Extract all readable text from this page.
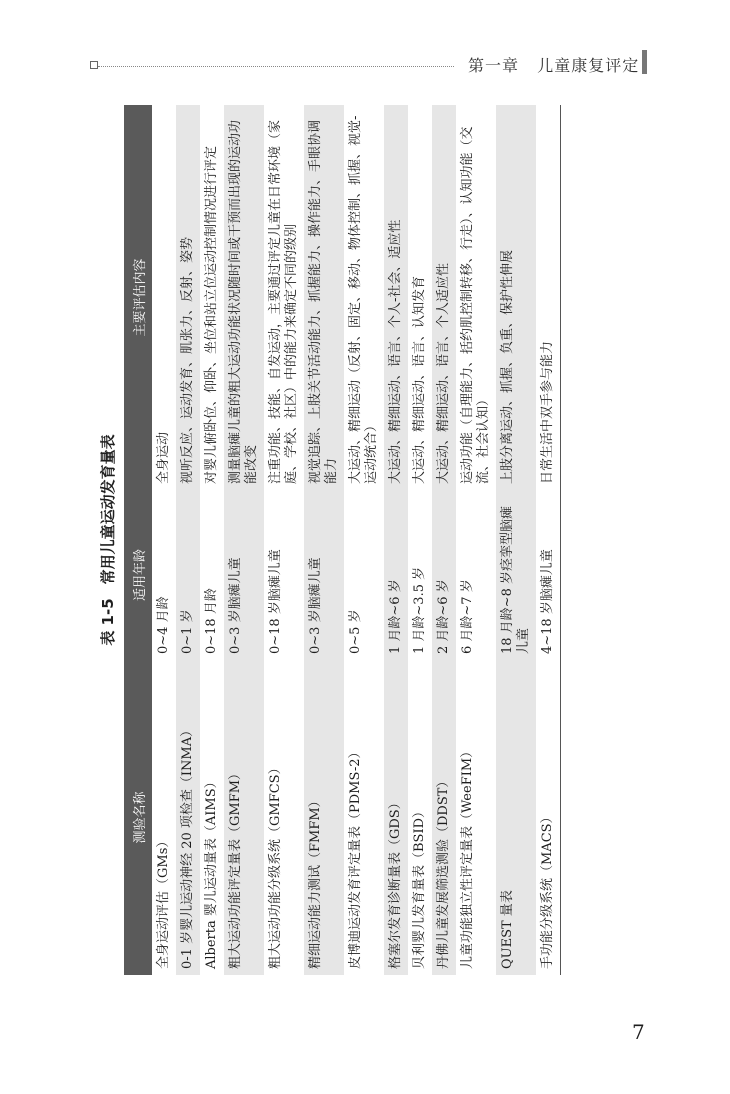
第一章 儿童康复评定
表 1-5
常用儿童运动发育量表
测验名称	适用年龄	主要评估内容
全身运动评估（GMs）	0~4 月龄	全身运动
0-1 岁婴儿运动神经 20 项检查（INMA）	0~1 岁	视听反应、运动发育、肌张力、反射、姿势
Alberta 婴儿运动量表（AIMS）	0~18 月龄	对婴儿俯卧位、仰卧、坐位和站立位运动控制情况进行评定
粗大运动功能评定量表（GMFM）	0~3 岁脑瘫儿童	测量脑瘫儿童的粗大运动功能状况随时间或干预而出现的运动功能改变
粗大运动功能分级系统（GMFCS）	0~18 岁脑瘫儿童	注重功能、技能、自发运动，主要通过评定儿童在日常环境（家庭、学校、社区）中的能力来确定不同的级别
精细运动能力测试（FMFM）	0~3 岁脑瘫儿童	视觉追踪、上肢关节活动能力、抓握能力、操作能力、手眼协调能力
皮博迪运动发育评定量表（PDMS-2）	0~5 岁	大运动、精细运动（反射、固定、移动、物体控制、抓握、视觉-运动统合）
格塞尔发育诊断量表（GDS）	1 月龄~6 岁	大运动、精细运动、语言、个人-社会、适应性
贝利婴儿发育量表（BSID）	1 月龄~3.5 岁	大运动、精细运动、语言、认知发育
丹佛儿童发展筛选测验（DDST）	2 月龄~6 岁	大运动、精细运动、语言、个人适应性
儿童功能独立性评定量表（WeeFIM）	6 月龄~7 岁	运动功能（自理能力、括约肌控制转移、行走）、认知功能（交流、社会认知）
QUEST 量表	18 月龄~8 岁痉挛型脑瘫儿童	上肢分离运动、抓握、负重、保护性伸展
手功能分级系统（MACS）	4~18 岁脑瘫儿童	日常生活中双手参与能力
7
